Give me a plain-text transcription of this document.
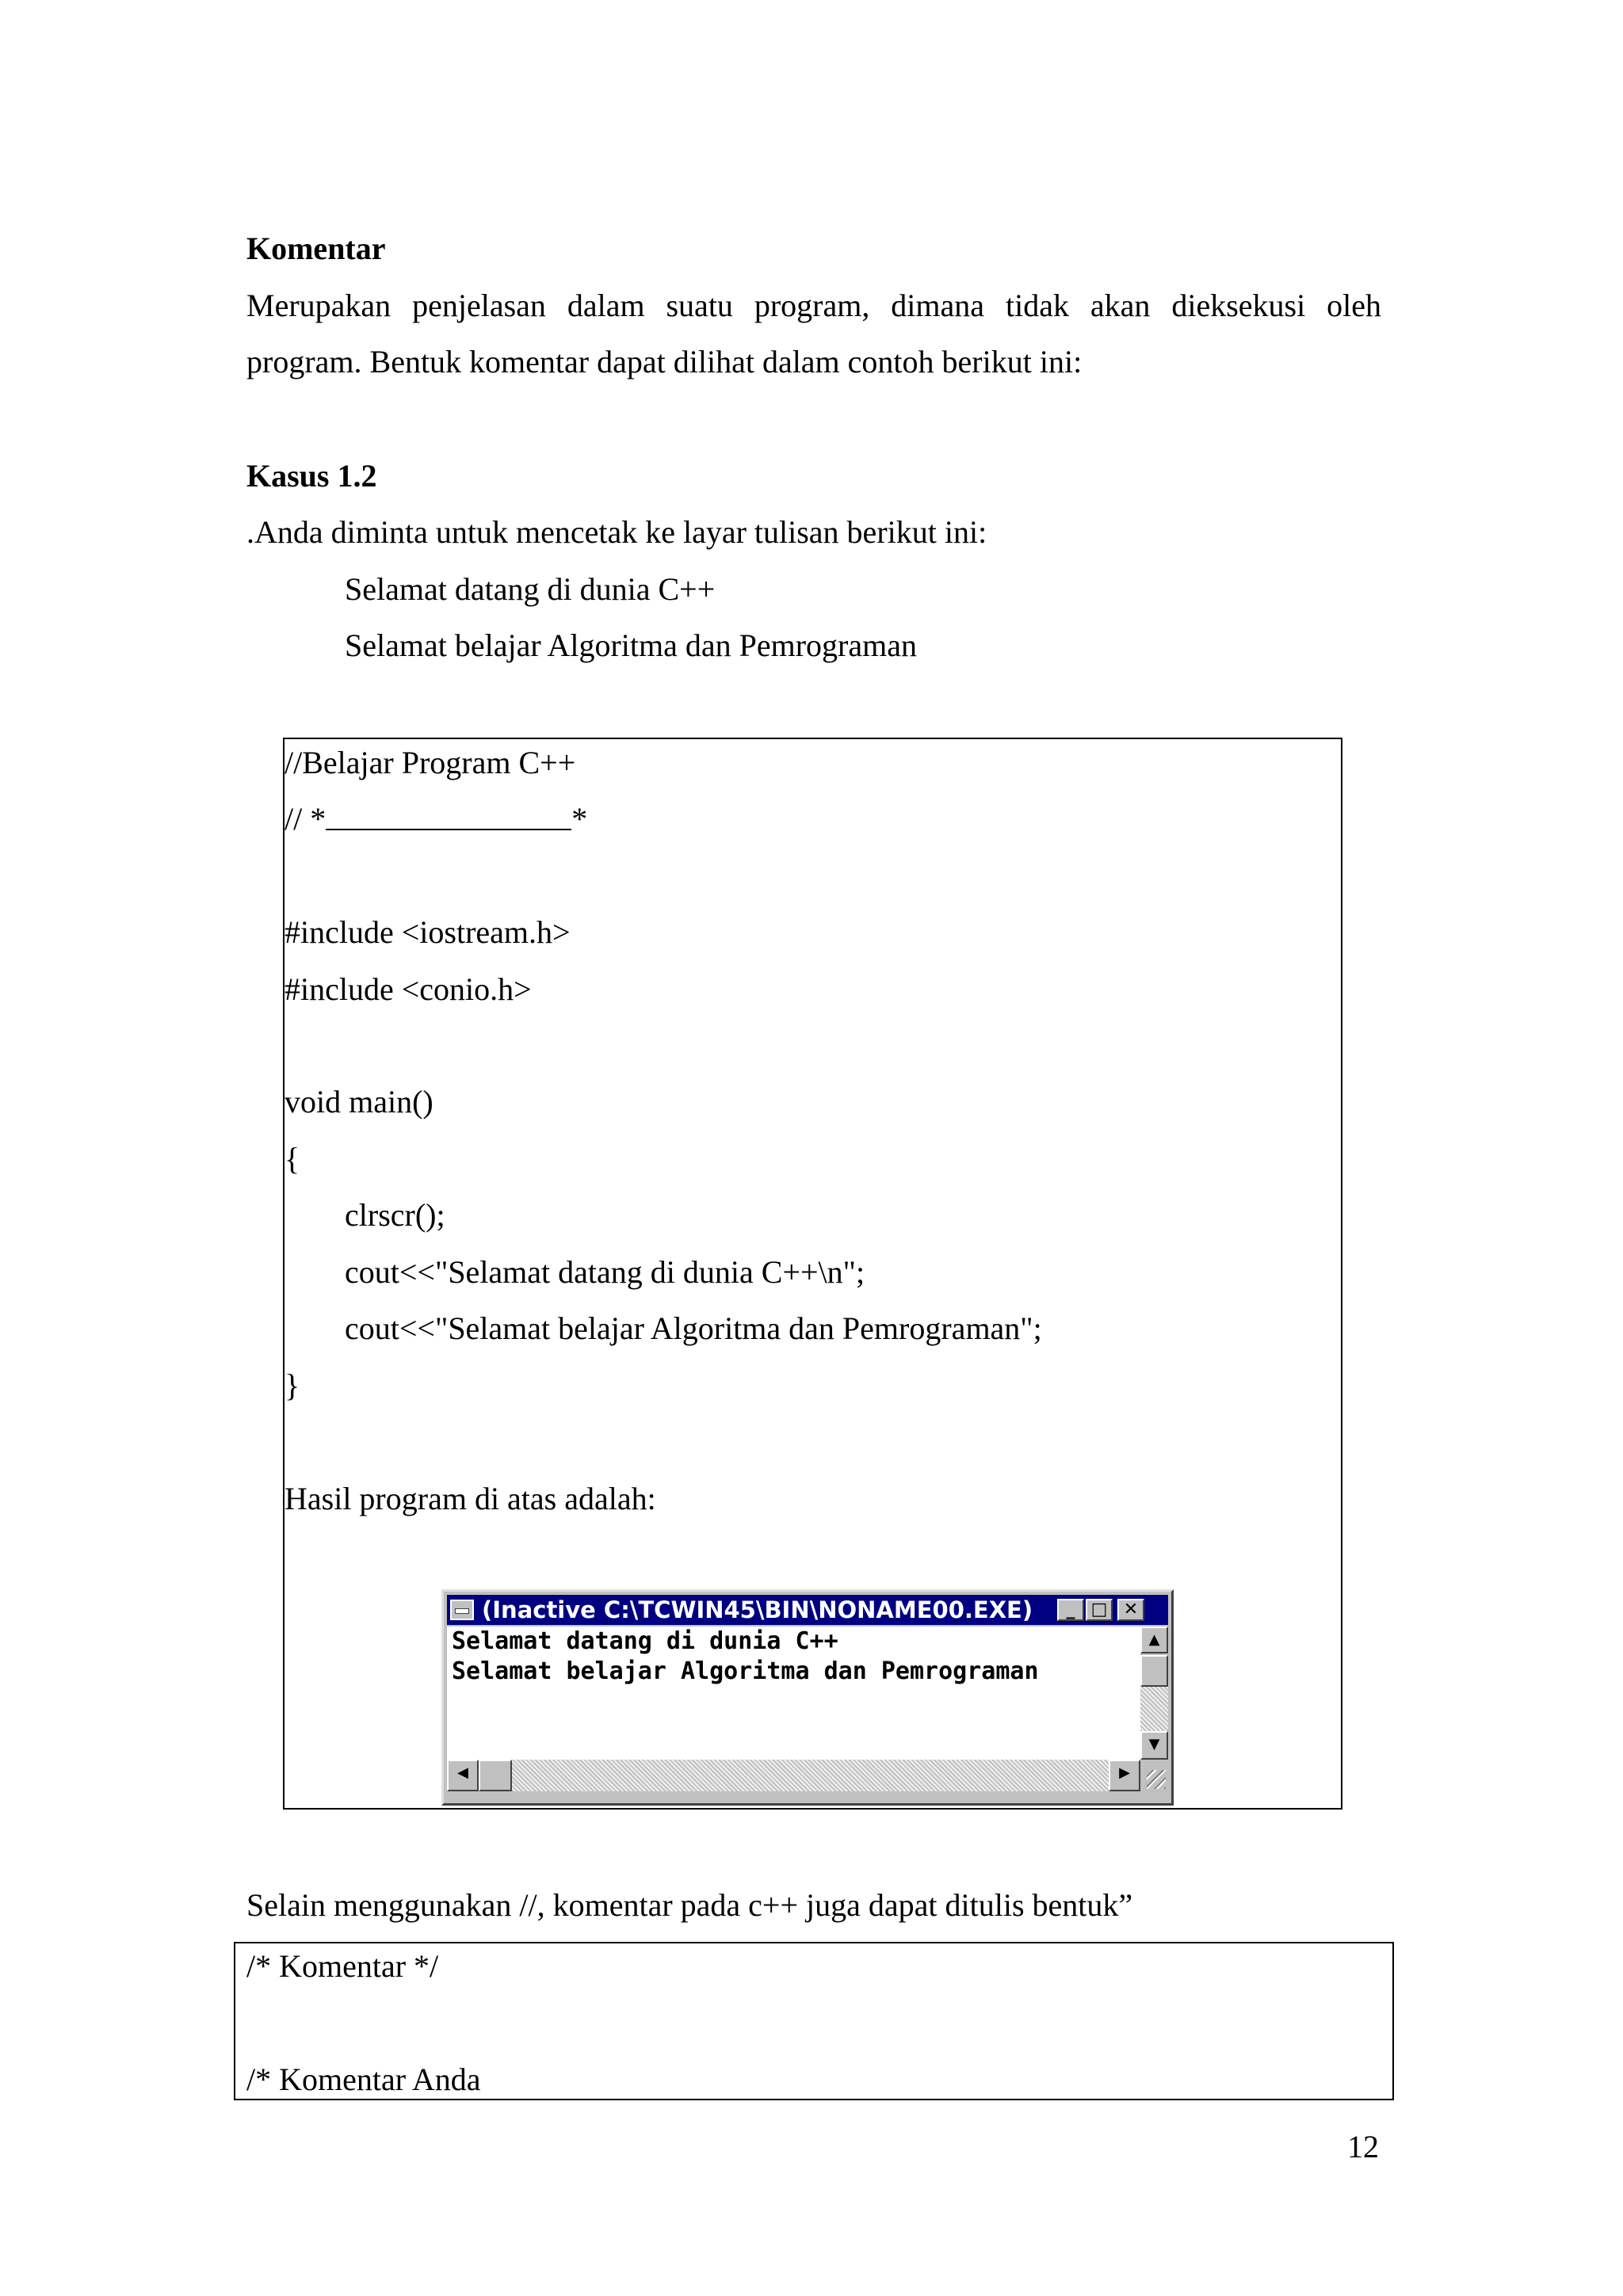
Komentar
Merupakan penjelasan dalam suatu program, dimana tidak akan dieksekusi oleh
program. Bentuk komentar dapat dilihat dalam contoh berikut ini:
Kasus 1.2
.Anda diminta untuk mencetak ke layar tulisan berikut ini:
Selamat datang di dunia C++
Selamat belajar Algoritma dan Pemrograman
//Belajar Program C++
// *	*
#include <iostream.h>
#include <conio.h>
void main()
{
clrscr();
cout<<"Selamat datang di dunia C++\n";
cout<<"Selamat belajar Algoritma dan Pemrograman";
}
Hasil program di atas adalah:
(Inactive C:\TCWIN45\BIN\NONAME00.EXE)	_ □ ✕
Selamat datang di dunia C++
Selamat belajar Algoritma dan Pemrograman
▲
▼
◀	▶
Selain menggunakan //, komentar pada c++ juga dapat ditulis bentuk”
/* Komentar */
/* Komentar Anda
12
